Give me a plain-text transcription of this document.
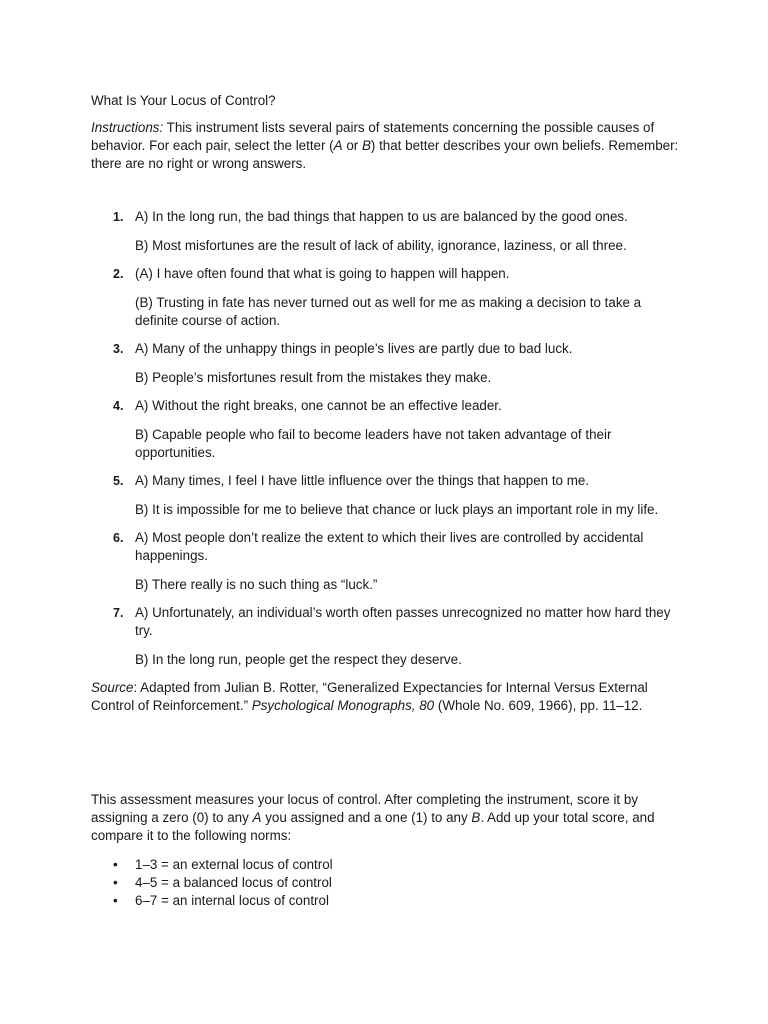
What Is Your Locus of Control?

Instructions: This instrument lists several pairs of statements concerning the possible causes of behavior. For each pair, select the letter (A or B) that better describes your own beliefs. Remember: there are no right or wrong answers.

1. A) In the long run, the bad things that happen to us are balanced by the good ones.

B) Most misfortunes are the result of lack of ability, ignorance, laziness, or all three.

2. (A) I have often found that what is going to happen will happen.

(B) Trusting in fate has never turned out as well for me as making a decision to take a definite course of action.

3. A) Many of the unhappy things in people’s lives are partly due to bad luck.

B) People’s misfortunes result from the mistakes they make.

4. A) Without the right breaks, one cannot be an effective leader.

B) Capable people who fail to become leaders have not taken advantage of their opportunities.

5. A) Many times, I feel I have little influence over the things that happen to me.

B) It is impossible for me to believe that chance or luck plays an important role in my life.

6. A) Most people don’t realize the extent to which their lives are controlled by accidental happenings.

B) There really is no such thing as “luck.”

7. A) Unfortunately, an individual’s worth often passes unrecognized no matter how hard they try.

B) In the long run, people get the respect they deserve.

Source: Adapted from Julian B. Rotter, “Generalized Expectancies for Internal Versus External Control of Reinforcement.” Psychological Monographs, 80 (Whole No. 609, 1966), pp. 11–12.

This assessment measures your locus of control. After completing the instrument, score it by assigning a zero (0) to any A you assigned and a one (1) to any B. Add up your total score, and compare it to the following norms:

•	1–3 = an external locus of control
•	4–5 = a balanced locus of control
•	6–7 = an internal locus of control
